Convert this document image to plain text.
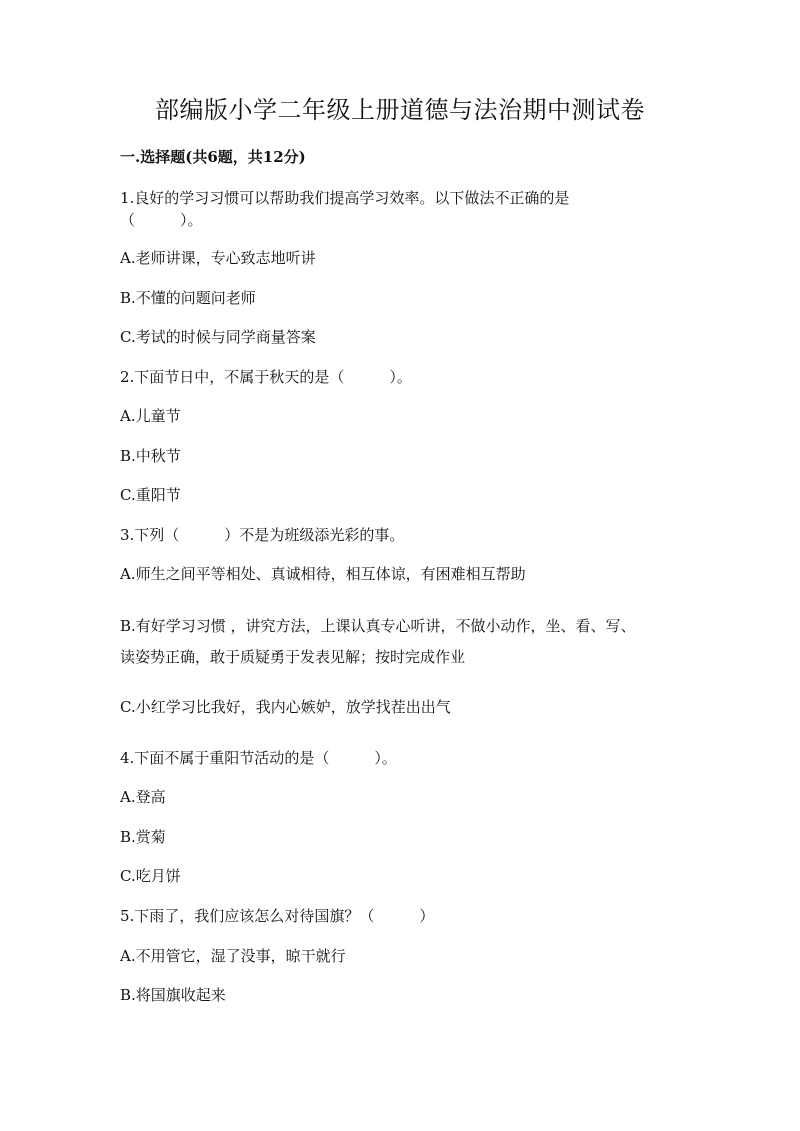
部编版小学二年级上册道德与法治期中测试卷
一.选择题(共6题，共12分)
1.良好的学习习惯可以帮助我们提高学习效率。以下做法不正确的是
（　　　）。
A.老师讲课，专心致志地听讲
B.不懂的问题问老师
C.考试的时候与同学商量答案
2.下面节日中，不属于秋天的是（　　　）。
A.儿童节
B.中秋节
C.重阳节
3.下列（　　　）不是为班级添光彩的事。
A.师生之间平等相处、真诚相待，相互体谅，有困难相互帮助
B.有好学习习惯 ，讲究方法，上课认真专心听讲，不做小动作，坐、看、写、
读姿势正确，敢于质疑勇于发表见解；按时完成作业
C.小红学习比我好，我内心嫉妒，放学找茬出出气
4.下面不属于重阳节活动的是（　　　）。
A.登高
B.赏菊
C.吃月饼
5.下雨了，我们应该怎么对待国旗？（　　　）
A.不用管它，湿了没事，晾干就行
B.将国旗收起来
